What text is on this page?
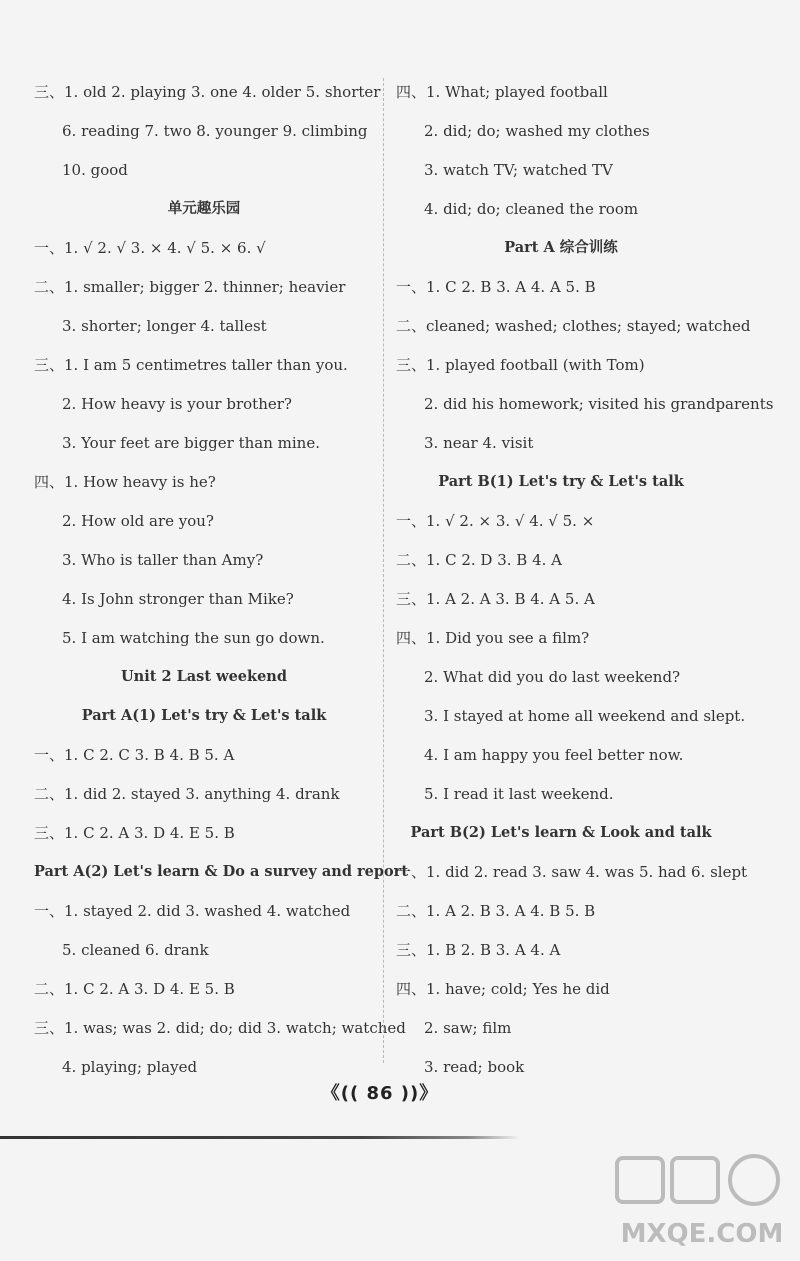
三、1. old 2. playing 3. one 4. older 5. shorter
6. reading 7. two 8. younger 9. climbing
10. good
单元趣乐园
一、1. √ 2. √ 3. × 4. √ 5. × 6. √
二、1. smaller; bigger 2. thinner; heavier
3. shorter; longer 4. tallest
三、1. I am 5 centimetres taller than you.
2. How heavy is your brother?
3. Your feet are bigger than mine.
四、1. How heavy is he?
2. How old are you?
3. Who is taller than Amy?
4. Is John stronger than Mike?
5. I am watching the sun go down.
Unit 2 Last weekend
Part A(1) Let's try & Let's talk
一、1. C 2. C 3. B 4. B 5. A
二、1. did 2. stayed 3. anything 4. drank
三、1. C 2. A 3. D 4. E 5. B
Part A(2) Let's learn & Do a survey and report
一、1. stayed 2. did 3. washed 4. watched
5. cleaned 6. drank
二、1. C 2. A 3. D 4. E 5. B
三、1. was; was 2. did; do; did 3. watch; watched
4. playing; played
四、1. What; played football
2. did; do; washed my clothes
3. watch TV; watched TV
4. did; do; cleaned the room
Part A 综合训练
一、1. C 2. B 3. A 4. A 5. B
二、cleaned; washed; clothes; stayed; watched
三、1. played football (with Tom)
2. did his homework; visited his grandparents
3. near 4. visit
Part B(1) Let's try & Let's talk
一、1. √ 2. × 3. √ 4. √ 5. ×
二、1. C 2. D 3. B 4. A
三、1. A 2. A 3. B 4. A 5. A
四、1. Did you see a film?
2. What did you do last weekend?
3. I stayed at home all weekend and slept.
4. I am happy you feel better now.
5. I read it last weekend.
Part B(2) Let's learn & Look and talk
一、1. did 2. read 3. saw 4. was 5. had 6. slept
二、1. A 2. B 3. A 4. B 5. B
三、1. B 2. B 3. A 4. A
四、1. have; cold; Yes he did
2. saw; film
3. read; book
《(( 86 ))》
MXQE.COM
